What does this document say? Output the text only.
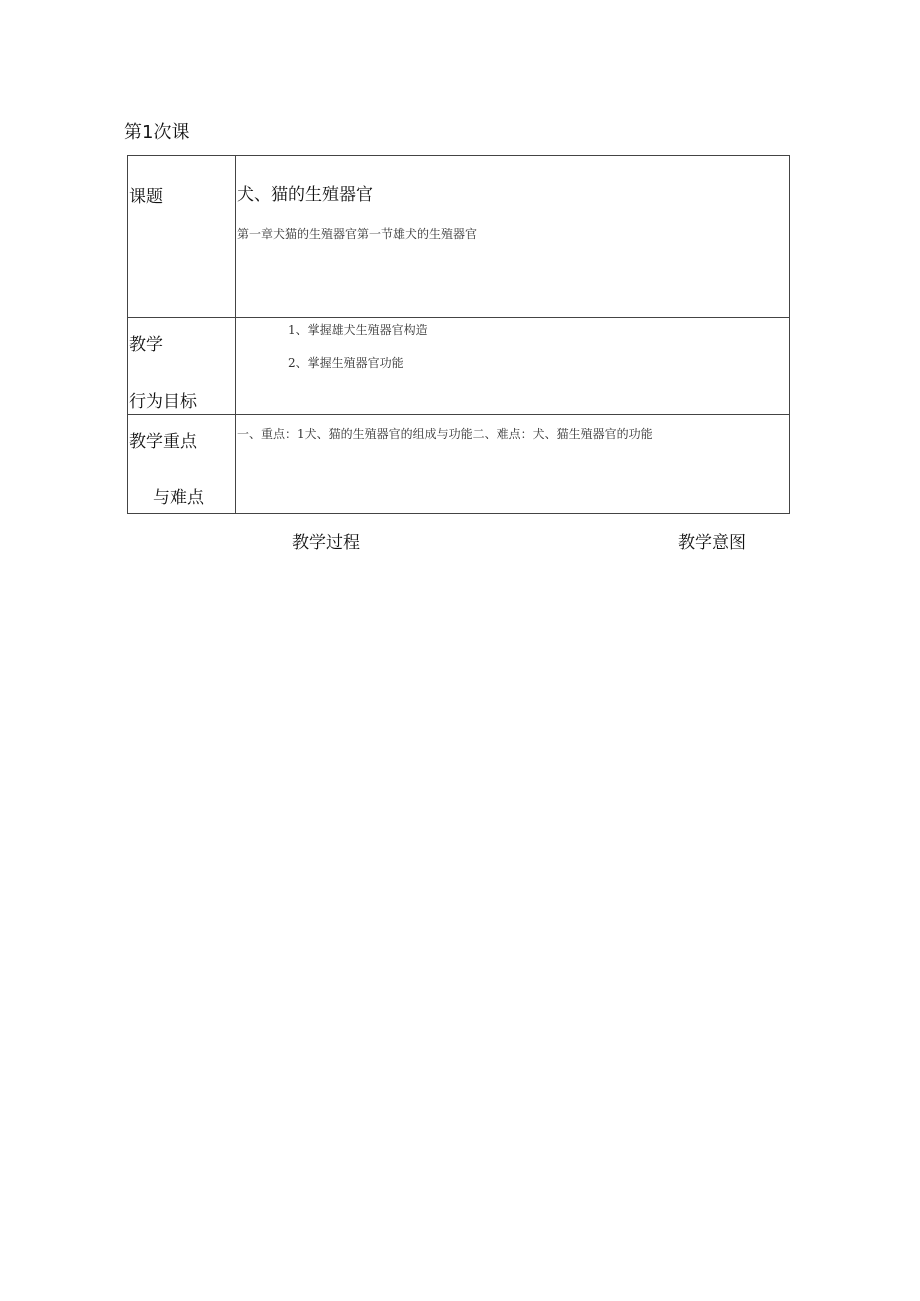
第1次课
课题	犬、猫的生殖器官
第一章犬猫的生殖器官第一节雄犬的生殖器官

教学
行为目标	1、掌握雄犬生殖器官构造
2、掌握生殖器官功能

教学重点
与难点	一、重点：1犬、猫的生殖器官的组成与功能二、难点：犬、猫生殖器官的功能
教学过程	教学意图
